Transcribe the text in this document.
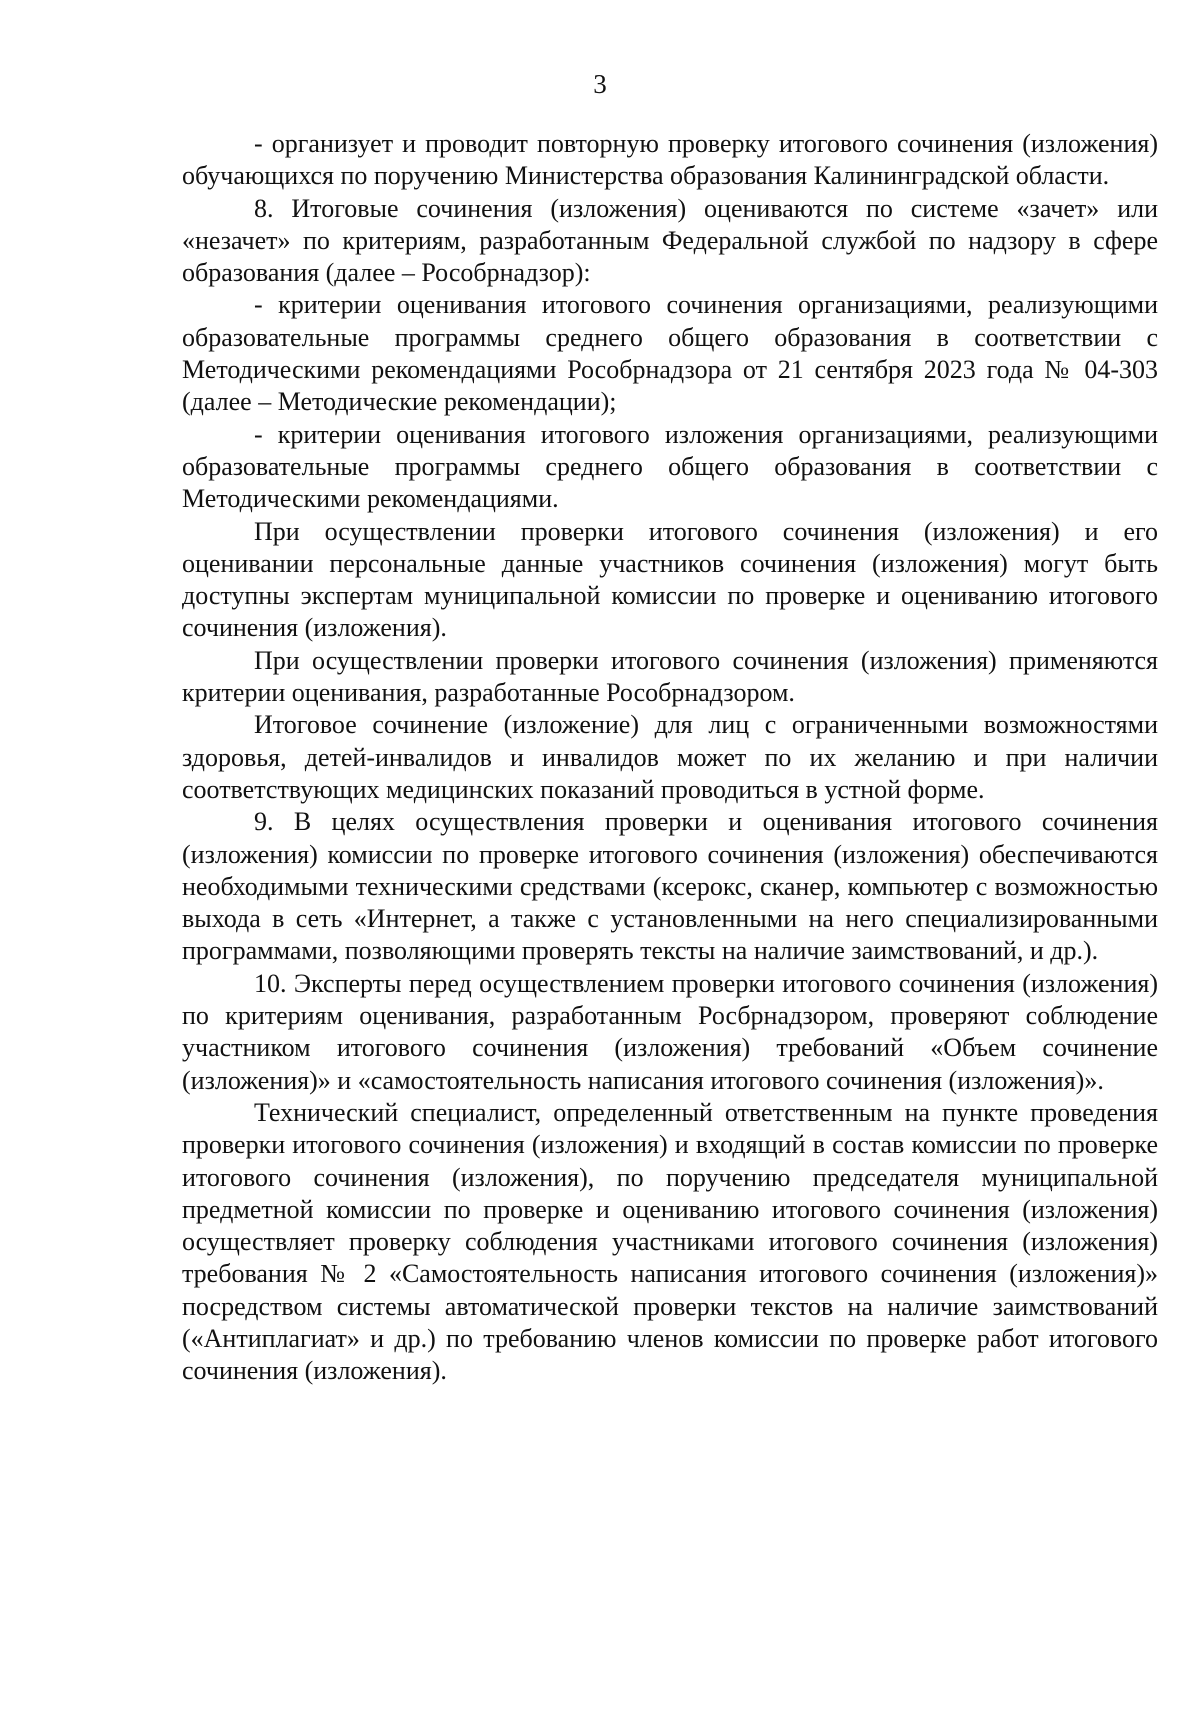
3

- организует и проводит повторную проверку итогового сочинения (изложения) обучающихся по поручению Министерства образования Калининградской области.

8. Итоговые сочинения (изложения) оцениваются по системе «зачет» или «незачет» по критериям, разработанным Федеральной службой по надзору в сфере образования (далее – Рособрнадзор):

- критерии оценивания итогового сочинения организациями, реализующими образовательные программы среднего общего образования в соответствии с Методическими рекомендациями Рособрнадзора от 21 сентября 2023 года № 04-303 (далее – Методические рекомендации);

- критерии оценивания итогового изложения организациями, реализующими образовательные программы среднего общего образования в соответствии с Методическими рекомендациями.

При осуществлении проверки итогового сочинения (изложения) и его оценивании персональные данные участников сочинения (изложения) могут быть доступны экспертам муниципальной комиссии по проверке и оцениванию итогового сочинения (изложения).

При осуществлении проверки итогового сочинения (изложения) применяются критерии оценивания, разработанные Рособрнадзором.

Итоговое сочинение (изложение) для лиц с ограниченными возможностями здоровья, детей-инвалидов и инвалидов может по их желанию и при наличии соответствующих медицинских показаний проводиться в устной форме.

9. В целях осуществления проверки и оценивания итогового сочинения (изложения) комиссии по проверке итогового сочинения (изложения) обеспечиваются необходимыми техническими средствами (ксерокс, сканер, компьютер с возможностью выхода в сеть «Интернет, а также с установленными на него специализированными программами, позволяющими проверять тексты на наличие заимствований, и др.).

10. Эксперты перед осуществлением проверки итогового сочинения (изложения) по критериям оценивания, разработанным Росбрнадзором, проверяют соблюдение участником итогового сочинения (изложения) требований «Объем сочинение (изложения)» и «самостоятельность написания итогового сочинения (изложения)».

Технический специалист, определенный ответственным на пункте проведения проверки итогового сочинения (изложения) и входящий в состав комиссии по проверке итогового сочинения (изложения), по поручению председателя муниципальной предметной комиссии по проверке и оцениванию итогового сочинения (изложения) осуществляет проверку соблюдения участниками итогового сочинения (изложения) требования № 2 «Самостоятельность написания итогового сочинения (изложения)» посредством системы автоматической проверки текстов на наличие заимствований («Антиплагиат» и др.) по требованию членов комиссии по проверке работ итогового сочинения (изложения).
